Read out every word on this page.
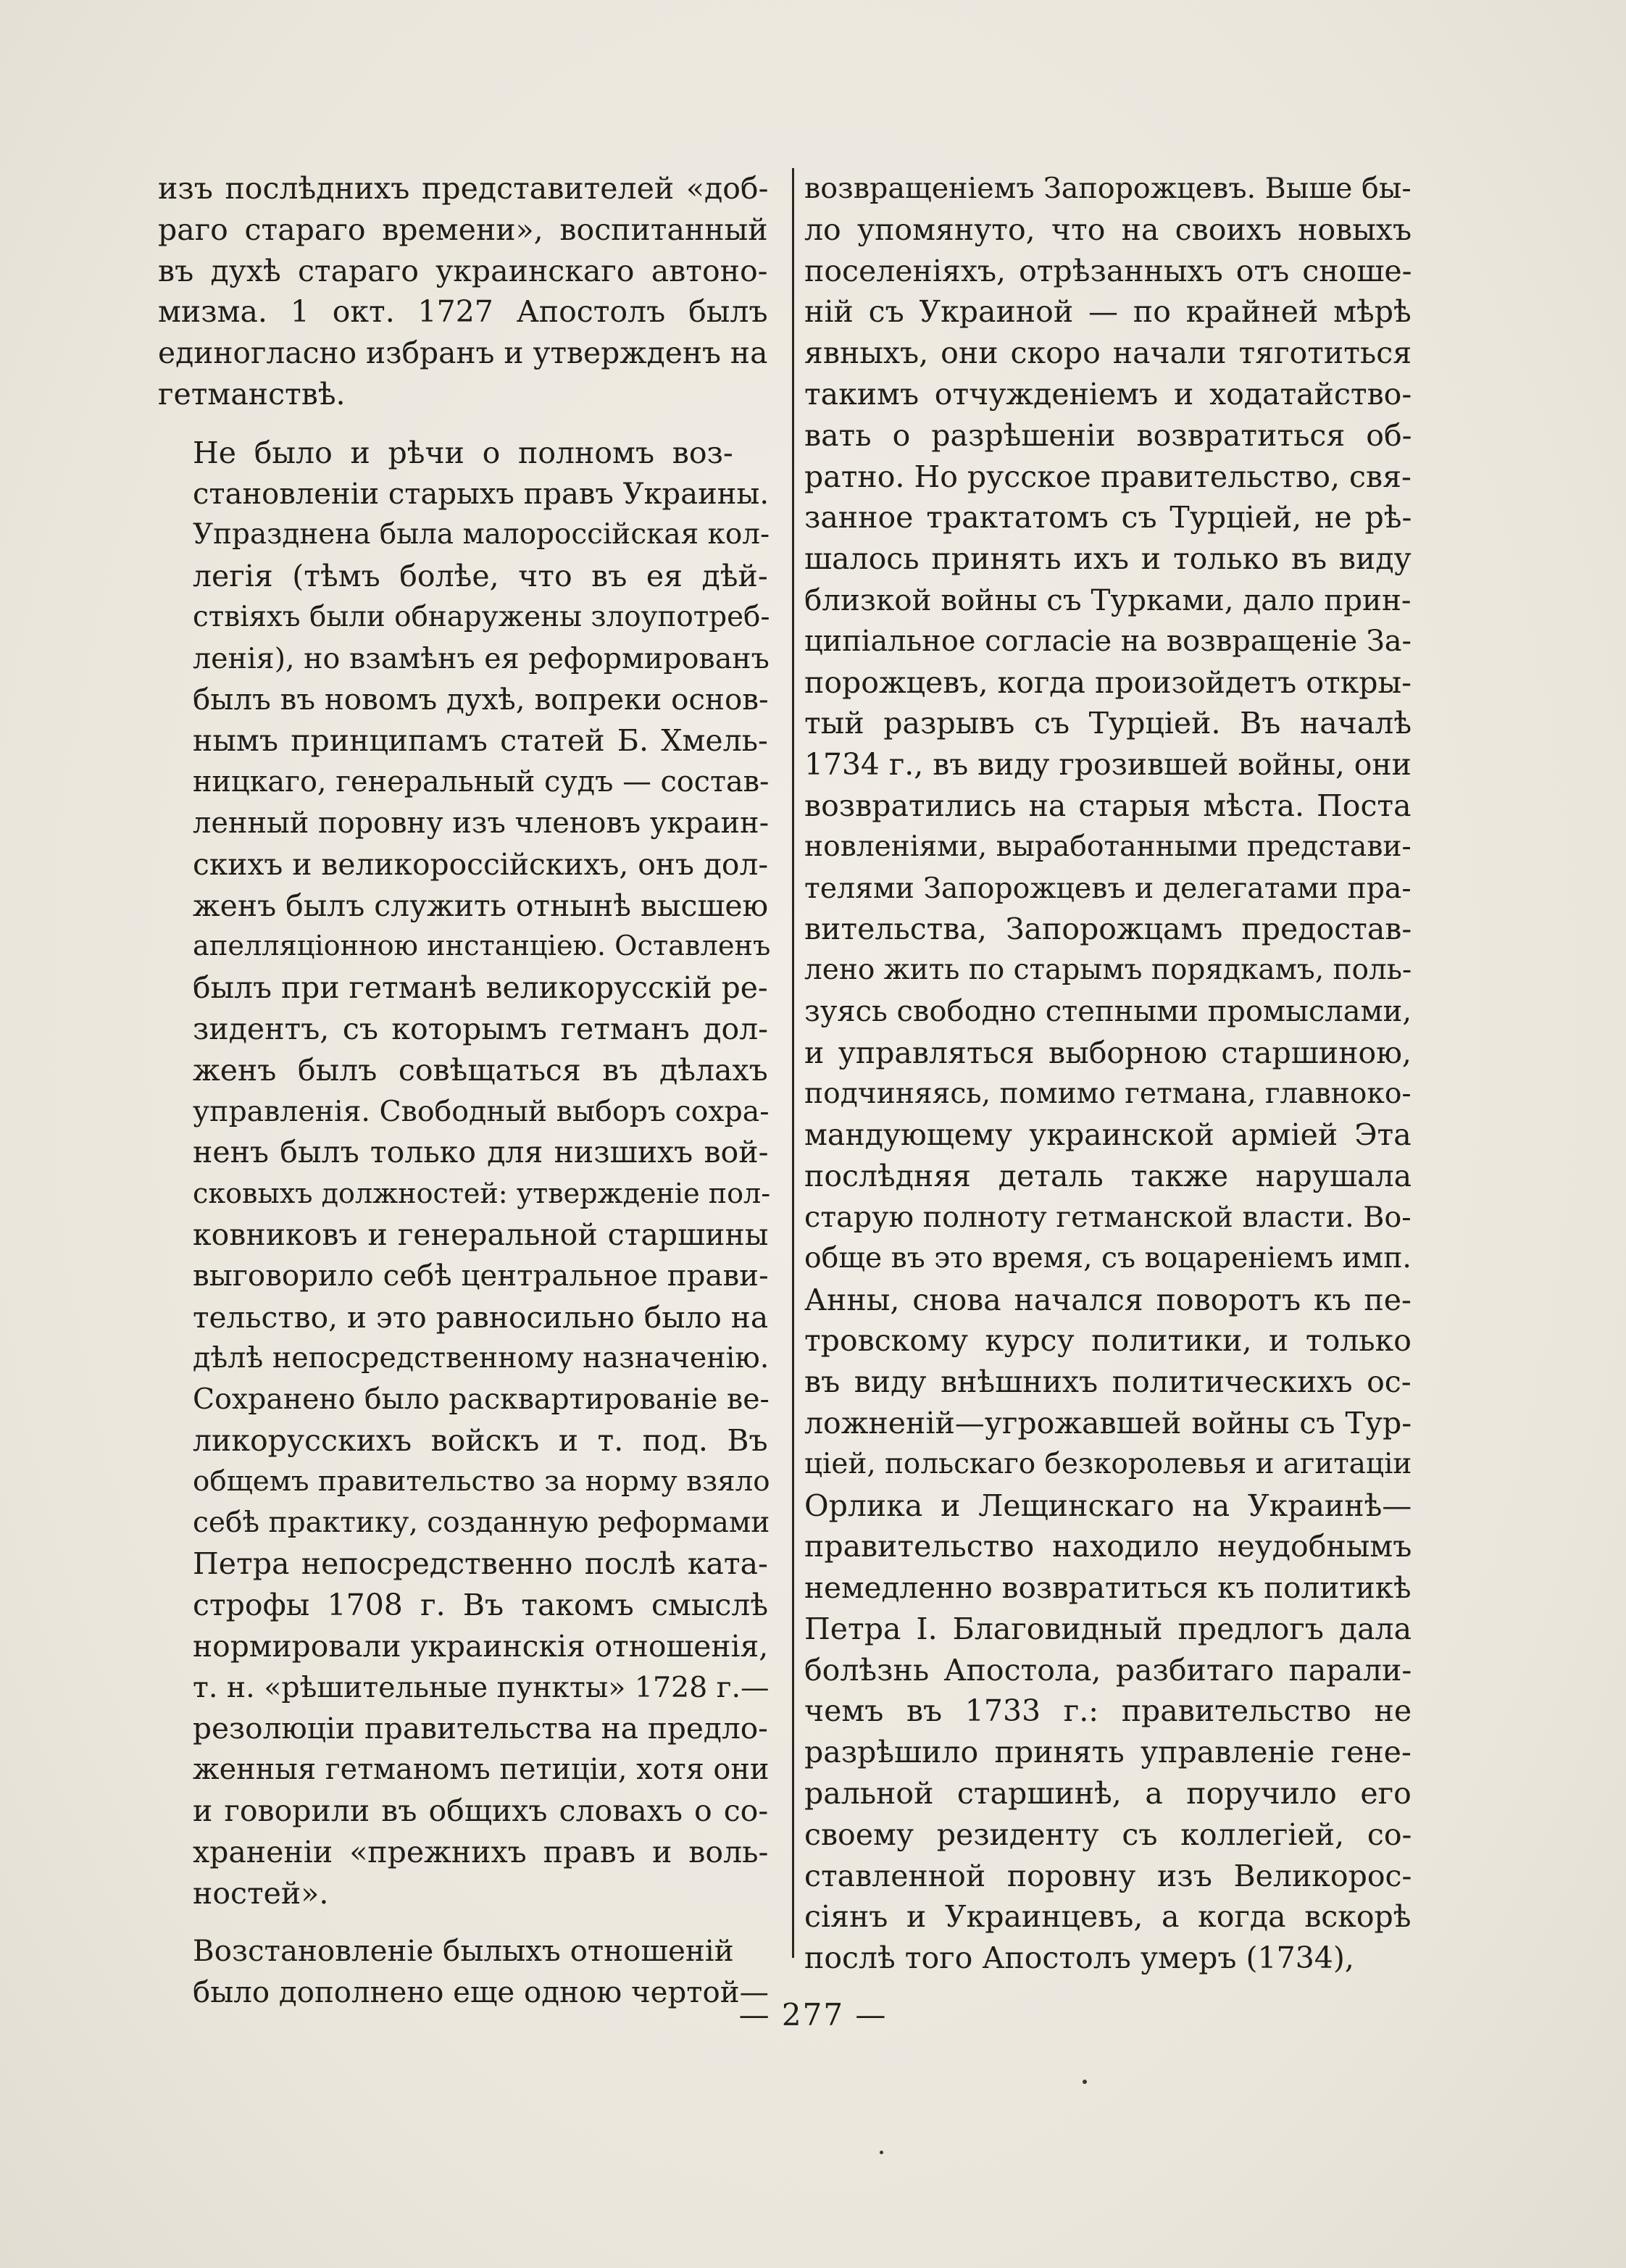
изъ послѣднихъ представителей «доб-
раго стараго времени», воспитанный
въ духѣ стараго украинскаго автоно-
мизма. 1 окт. 1727 Апостолъ былъ
единогласно избранъ и утвержденъ на
гетманствѣ.

Не было и рѣчи о полномъ воз-
становленіи старыхъ правъ Украины.
Упразднена была малороссійская кол-
легія (тѣмъ болѣе, что въ ея дѣй-
ствіяхъ были обнаружены злоупотреб-
ленія), но взамѣнъ ея реформированъ
былъ въ новомъ духѣ, вопреки основ-
нымъ принципамъ статей Б. Хмель-
ницкаго, генеральный судъ — состав-
ленный поровну изъ членовъ украин-
скихъ и великороссійскихъ, онъ дол-
женъ былъ служить отнынѣ высшею
апелляціонною инстанціею. Оставленъ
былъ при гетманѣ великорусскій ре-
зидентъ, съ которымъ гетманъ дол-
женъ былъ совѣщаться въ дѣлахъ
управленія. Свободный выборъ сохра-
ненъ былъ только для низшихъ вой-
сковыхъ должностей: утвержденіе пол-
ковниковъ и генеральной старшины
выговорило себѣ центральное прави-
тельство, и это равносильно было на
дѣлѣ непосредственному назначенію.
Сохранено было расквартированіе ве-
ликорусскихъ войскъ и т. под. Въ
общемъ правительство за норму взяло
себѣ практику, созданную реформами
Петра непосредственно послѣ ката-
строфы 1708 г. Въ такомъ смыслѣ
нормировали украинскія отношенія,
т. н. «рѣшительные пункты» 1728 г.—
резолюціи правительства на предло-
женныя гетманомъ петиціи, хотя они
и говорили въ общихъ словахъ о со-
храненіи «прежнихъ правъ и воль-
ностей».

Возстановленіе былыхъ отношеній
было дополнено еще одною чертой—

возвращеніемъ Запорожцевъ. Выше бы-
ло упомянуто, что на своихъ новыхъ
поселеніяхъ, отрѣзанныхъ отъ сноше-
ній съ Украиной — по крайней мѣрѣ
явныхъ, они скоро начали тяготиться
такимъ отчужденіемъ и ходатайство-
вать о разрѣшеніи возвратиться об-
ратно. Но русское правительство, свя-
занное трактатомъ съ Турціей, не рѣ-
шалось принять ихъ и только въ виду
близкой войны съ Турками, дало прин-
ципіальное согласіе на возвращеніе За-
порожцевъ, когда произойдетъ откры-
тый разрывъ съ Турціей. Въ началѣ
1734 г., въ виду грозившей войны, они
возвратились на старыя мѣста. Поста
новленіями, выработанными представи-
телями Запорожцевъ и делегатами пра-
вительства, Запорожцамъ предостав-
лено жить по старымъ порядкамъ, поль-
зуясь свободно степными промыслами,
и управляться выборною старшиною,
подчиняясь, помимо гетмана, главноко-
мандующему украинской арміей Эта
послѣдняя деталь также нарушала
старую полноту гетманской власти. Во-
обще въ это время, съ воцареніемъ имп.
Анны, снова начался поворотъ къ пе-
тровскому курсу политики, и только
въ виду внѣшнихъ политическихъ ос-
ложненій—угрожавшей войны съ Тур-
ціей, польскаго безкоролевья и агитаціи
Орлика и Лещинскаго на Украинѣ—
правительство находило неудобнымъ
немедленно возвратиться къ политикѣ
Петра I. Благовидный предлогъ дала
болѣзнь Апостола, разбитаго парали-
чемъ въ 1733 г.: правительство не
разрѣшило принять управленіе гене-
ральной старшинѣ, а поручило его
своему резиденту съ коллегіей, со-
ставленной поровну изъ Великорос-
сіянъ и Украинцевъ, а когда вскорѣ
послѣ того Апостолъ умеръ (1734),

— 277 —
